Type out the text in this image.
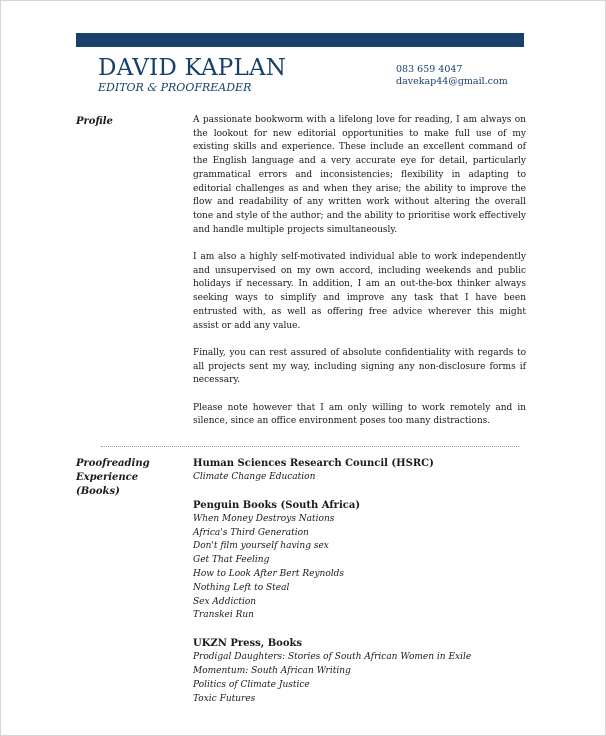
DAVID KAPLAN
EDITOR & PROOFREADER
083 659 4047
davekap44@gmail.com
Profile	A passionate bookworm with a lifelong love for reading, I am always on the lookout for new editorial opportunities to make full use of my existing skills and experience. These include an excellent command of the English language and a very accurate eye for detail, particularly grammatical errors and inconsistencies; flexibility in adapting to editorial challenges as and when they arise; the ability to improve the flow and readability of any written work without altering the overall tone and style of the author; and the ability to prioritise work effectively and handle multiple projects simultaneously.

I am also a highly self-motivated individual able to work independently and unsupervised on my own accord, including weekends and public holidays if necessary. In addition, I am an out-the-box thinker always seeking ways to simplify and improve any task that I have been entrusted with, as well as offering free advice wherever this might assist or add any value.

Finally, you can rest assured of absolute confidentiality with regards to all projects sent my way, including signing any non-disclosure forms if necessary.

Please note however that I am only willing to work remotely and in silence, since an office environment poses too many distractions.

Proofreading Experience (Books)
Human Sciences Research Council (HSRC)
Climate Change Education
Penguin Books (South Africa)
When Money Destroys Nations
Africa's Third Generation
Don't film yourself having sex
Get That Feeling
How to Look After Bert Reynolds
Nothing Left to Steal
Sex Addiction
Transkei Run
UKZN Press, Books
Prodigal Daughters: Stories of South African Women in Exile
Momentum: South African Writing
Politics of Climate Justice
Toxic Futures
